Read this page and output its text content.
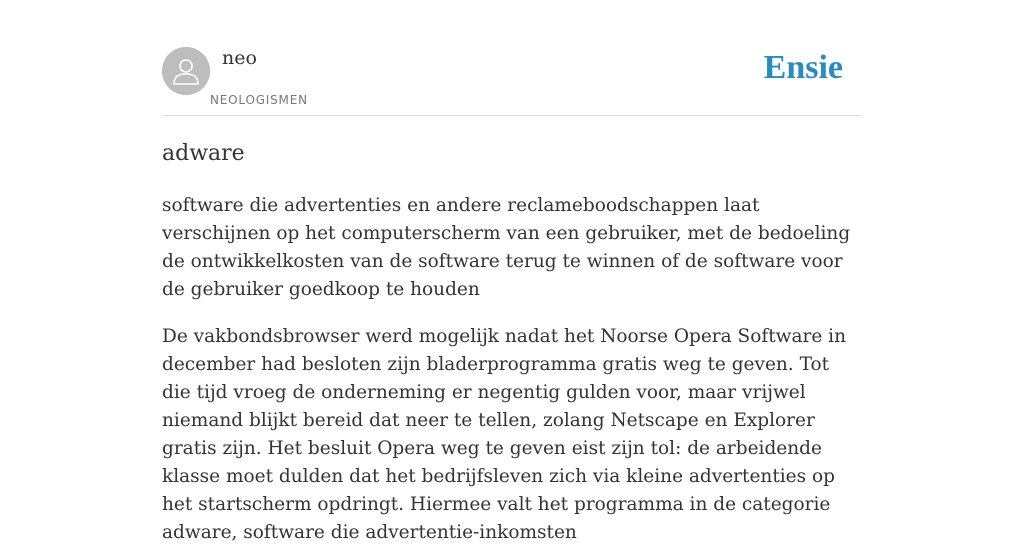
neo
NEOLOGISMEN
Ensie
adware

software die advertenties en andere reclameboodschappen laat verschijnen op het computerscherm van een gebruiker, met de bedoeling de ontwikkelkosten van de software terug te winnen of de software voor de gebruiker goedkoop te houden

De vakbondsbrowser werd mogelijk nadat het Noorse Opera Software in december had besloten zijn bladerprogramma gratis weg te geven. Tot die tijd vroeg de onderneming er negentig gulden voor, maar vrijwel niemand blijkt bereid dat neer te tellen, zolang Netscape en Explorer gratis zijn. Het besluit Opera weg te geven eist zijn tol: de arbeidende klasse moet dulden dat het bedrijfsleven zich via kleine advertenties op het startscherm opdringt. Hiermee valt het programma in de categorie adware, software die advertentie-inkomsten
